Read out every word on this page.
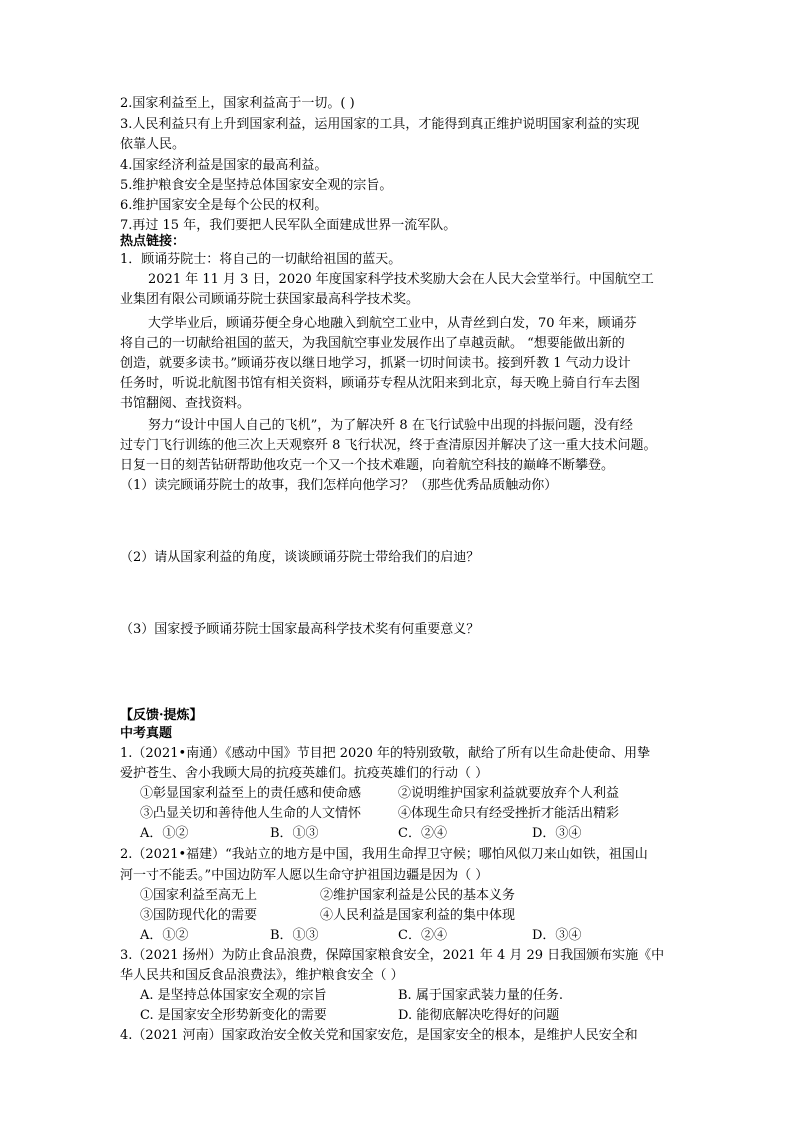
2.国家利益至上，国家利益高于一切。( )
3.人民利益只有上升到国家利益，运用国家的工具，才能得到真正维护说明国家利益的实现
依靠人民。
4.国家经济利益是国家的最高利益。
5.维护粮食安全是坚持总体国家安全观的宗旨。
6.维护国家安全是每个公民的权利。
7.再过 15 年，我们要把人民军队全面建成世界一流军队。
热点链接：
1．顾诵芬院士：将自己的一切献给祖国的蓝天。
2021 年 11 月 3 日，2020 年度国家科学技术奖励大会在人民大会堂举行。中国航空工
业集团有限公司顾诵芬院士获国家最高科学技术奖。
大学毕业后，顾诵芬便全身心地融入到航空工业中，从青丝到白发，70 年来，顾诵芬
将自己的一切献给祖国的蓝天，为我国航空事业发展作出了卓越贡献。 “想要能做出新的
创造，就要多读书。”顾诵芬夜以继日地学习，抓紧一切时间读书。接到歼教 1 气动力设计
任务时，听说北航图书馆有相关资料，顾诵芬专程从沈阳来到北京，每天晚上骑自行车去图
书馆翻阅、查找资料。
努力“设计中国人自己的飞机”，为了解决歼 8 在飞行试验中出现的抖振问题，没有经
过专门飞行训练的他三次上天观察歼 8 飞行状况，终于查清原因并解决了这一重大技术问题。
日复一日的刻苦钻研帮助他攻克一个又一个技术难题，向着航空科技的巅峰不断攀登。
（1）读完顾诵芬院士的故事，我们怎样向他学习？（那些优秀品质触动你）
（2）请从国家利益的角度，谈谈顾诵芬院士带给我们的启迪？
（3）国家授予顾诵芬院士国家最高科学技术奖有何重要意义？
【反馈·提炼】
中考真题
1.（2021•南通）《感动中国》节目把 2020 年的特别致敬，献给了所有以生命赴使命、用挚
爱护苍生、舍小我顾大局的抗疫英雄们。抗疫英雄们的行动（ ）
①彰显国家利益至上的责任感和使命感	②说明维护国家利益就要放弃个人利益
③凸显关切和善待他人生命的人文情怀	④体现生命只有经受挫折才能活出精彩
A．①②	B．①③	C．②④	D．③④
2.（2021•福建）“我站立的地方是中国，我用生命捍卫守候；哪怕风似刀来山如铁，祖国山
河一寸不能丢。”中国边防军人愿以生命守护祖国边疆是因为（ ）
①国家利益至高无上	②维护国家利益是公民的基本义务
③国防现代化的需要	④人民利益是国家利益的集中体现
A．①②	B．①③	C．②④	D．③④
3.（2021 扬州）为防止食品浪费，保障国家粮食安全，2021 年 4 月 29 日我国颁布实施《中
华人民共和国反食品浪费法》，维护粮食安全（ ）
A. 是坚持总体国家安全观的宗旨	B. 属于国家武装力量的任务.
C. 是国家安全形势新变化的需要	D. 能彻底解决吃得好的问题
4.（2021 河南）国家政治安全攸关党和国家安危，是国家安全的根本，是维护人民安全和
